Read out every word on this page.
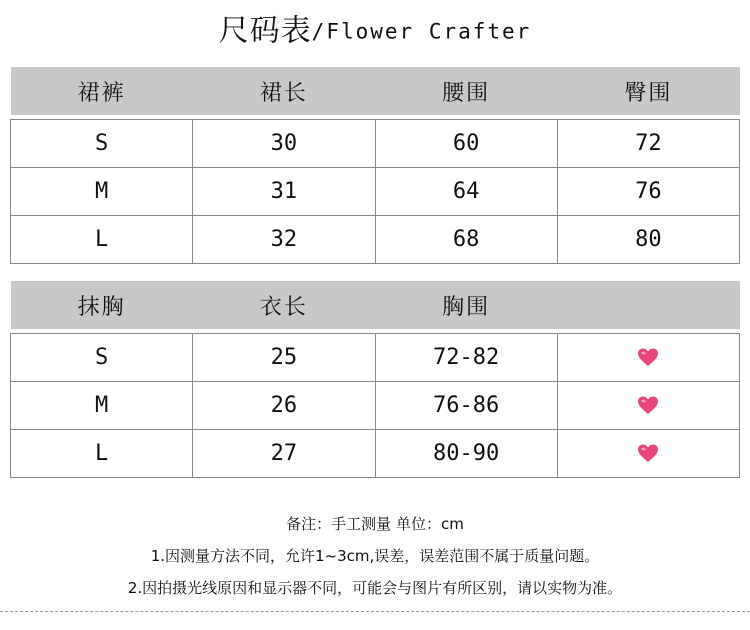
尺码表/Flower Crafter
裙裤	裙长	腰围	臀围

S	30	60	72
M	31	64	76
L	32	68	80
抹胸	衣长	胸围	

S	25	72-82	
M	26	76-86	
L	27	80-90	
备注：手工测量 单位：cm
1.因测量方法不同，允许1~3cm,误差，误差范围不属于质量问题。
2.因拍摄光线原因和显示器不同，可能会与图片有所区别，请以实物为准。
